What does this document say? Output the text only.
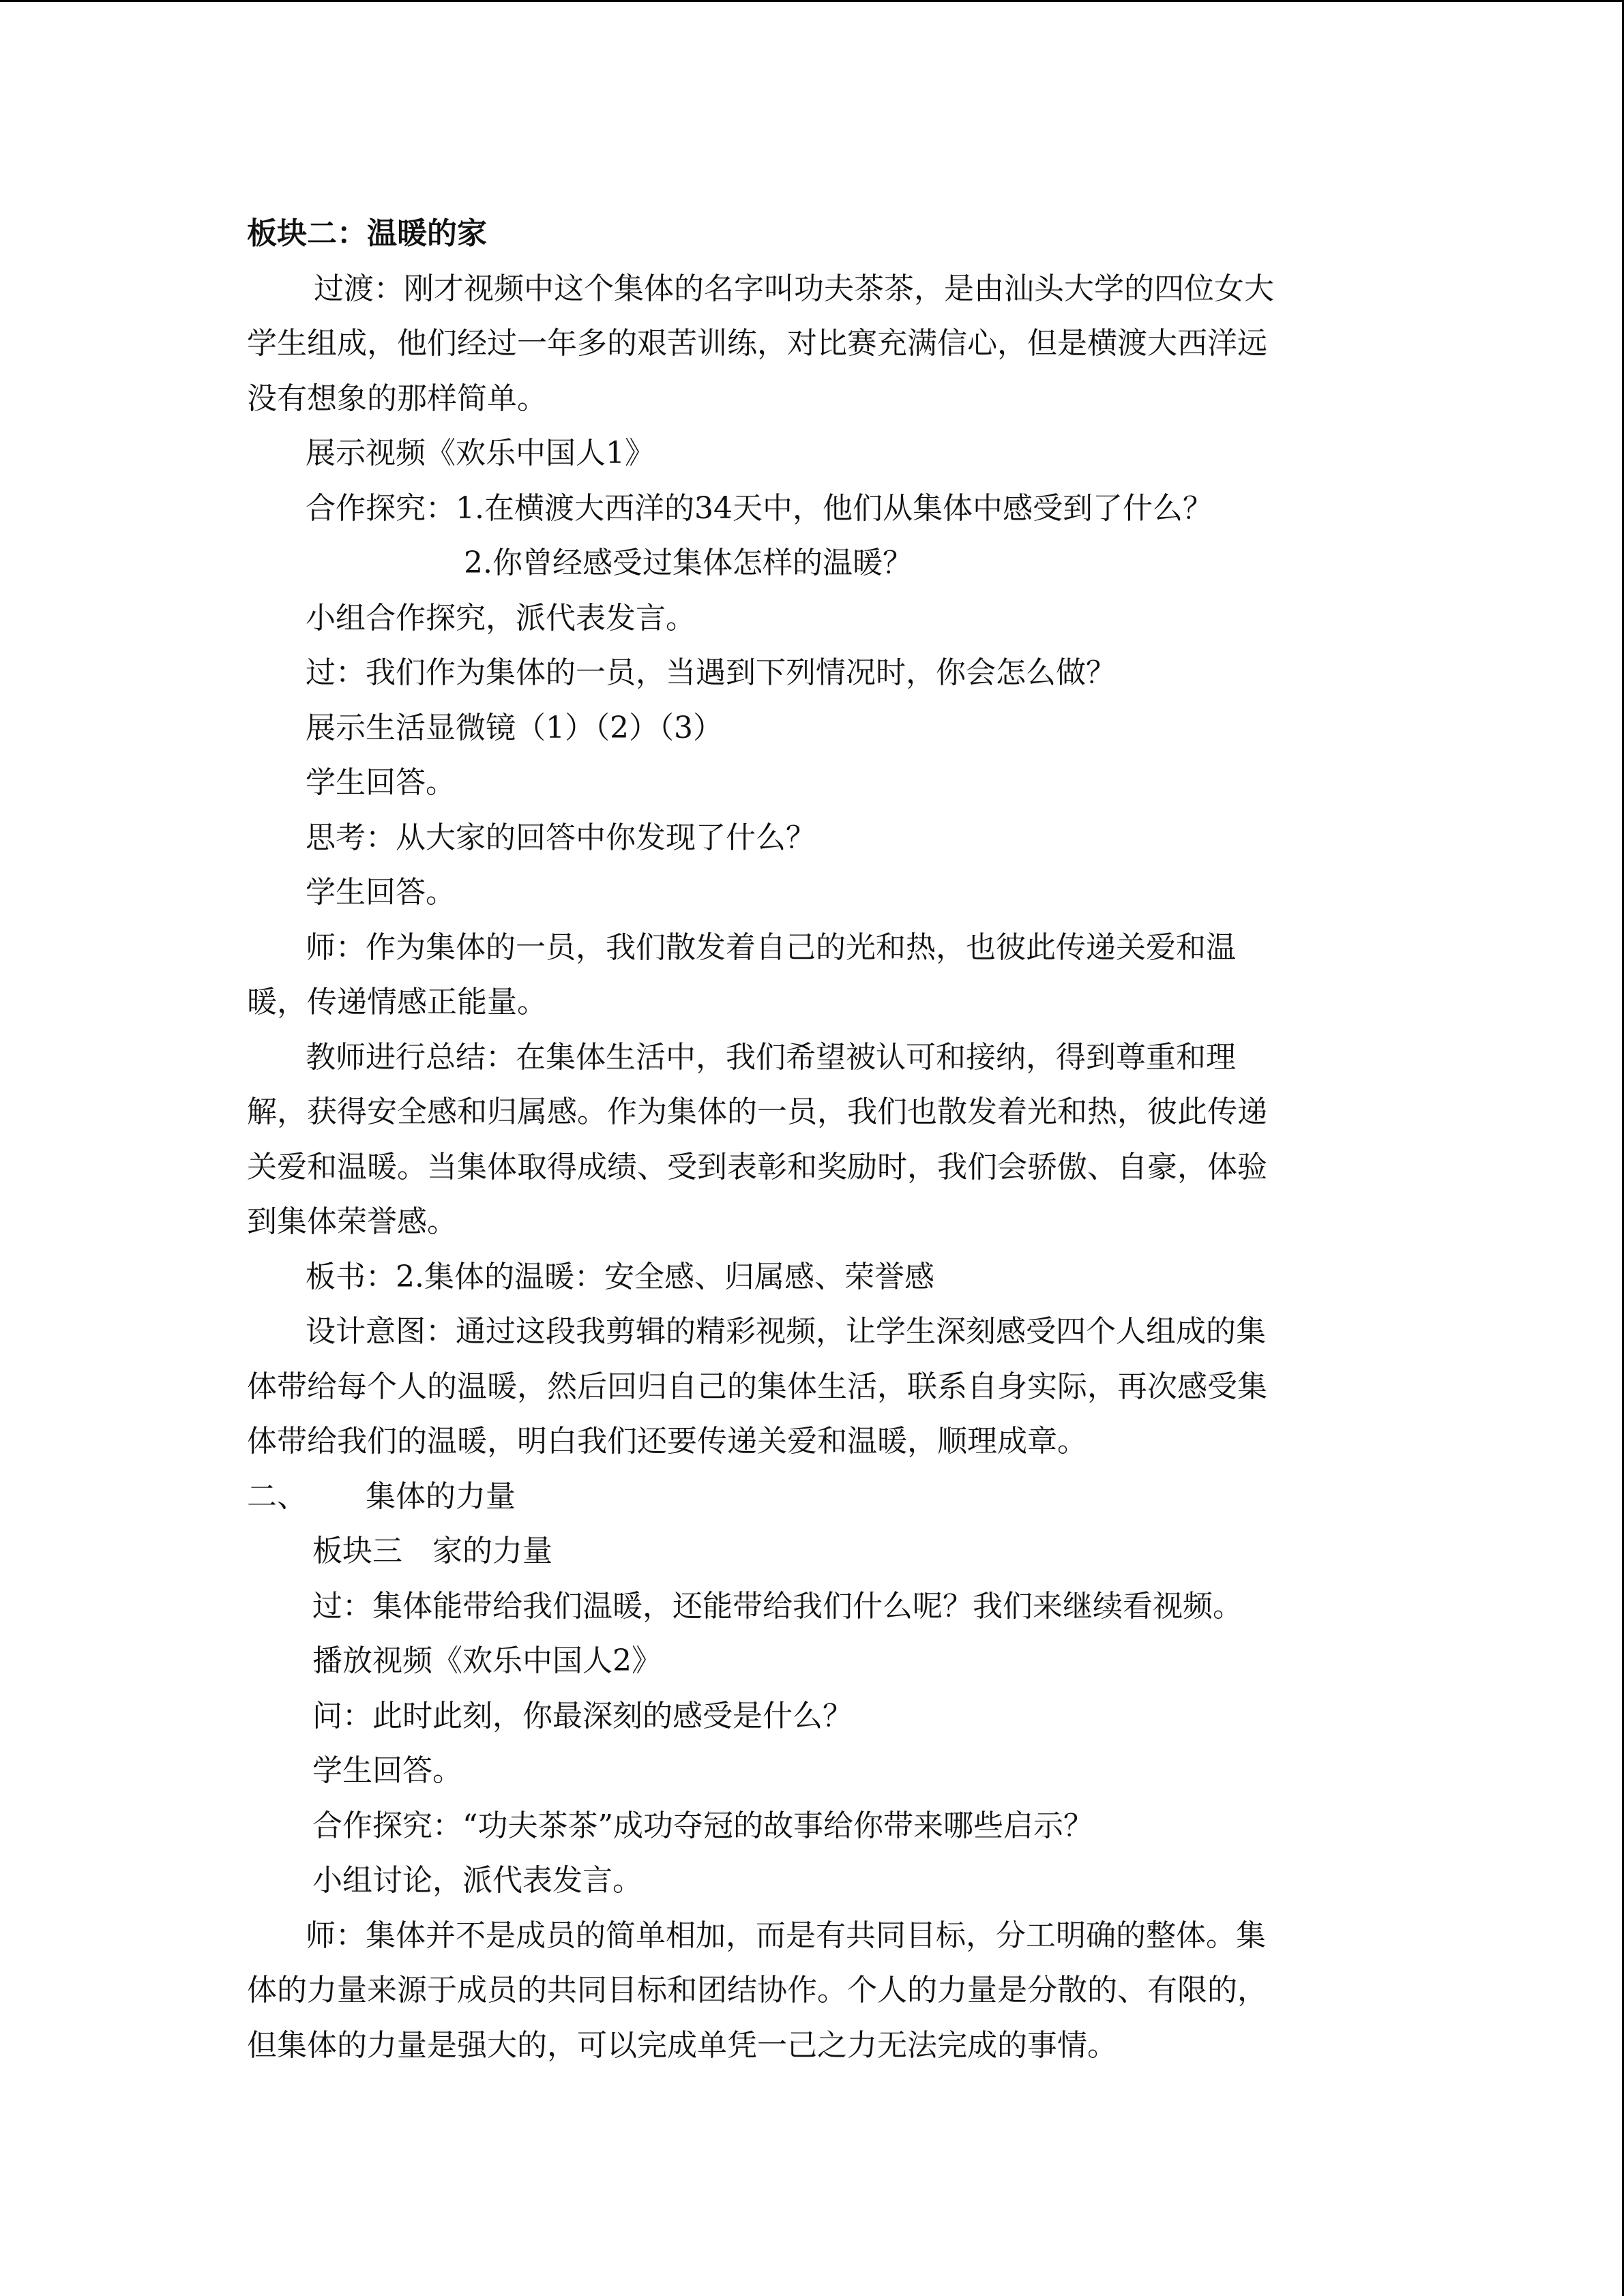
板块二：温暖的家
过渡：刚才视频中这个集体的名字叫功夫茶茶，是由汕头大学的四位女大
学生组成，他们经过一年多的艰苦训练，对比赛充满信心，但是横渡大西洋远
没有想象的那样简单。
展示视频《欢乐中国人1》
合作探究：1.在横渡大西洋的34天中，他们从集体中感受到了什么？
2.你曾经感受过集体怎样的温暖？
小组合作探究，派代表发言。
过：我们作为集体的一员，当遇到下列情况时，你会怎么做？
展示生活显微镜（1）（2）（3）
学生回答。
思考：从大家的回答中你发现了什么？
学生回答。
师：作为集体的一员，我们散发着自己的光和热，也彼此传递关爱和温
暖，传递情感正能量。
教师进行总结：在集体生活中，我们希望被认可和接纳，得到尊重和理
解，获得安全感和归属感。作为集体的一员，我们也散发着光和热，彼此传递
关爱和温暖。当集体取得成绩、受到表彰和奖励时，我们会骄傲、自豪，体验
到集体荣誉感。
板书：2.集体的温暖：安全感、归属感、荣誉感
设计意图：通过这段我剪辑的精彩视频，让学生深刻感受四个人组成的集
体带给每个人的温暖，然后回归自己的集体生活，联系自身实际，再次感受集
体带给我们的温暖，明白我们还要传递关爱和温暖，顺理成章。
二、 集体的力量
板块三 家的力量
过：集体能带给我们温暖，还能带给我们什么呢？我们来继续看视频。
播放视频《欢乐中国人2》
问：此时此刻，你最深刻的感受是什么？
学生回答。
合作探究：“功夫茶茶”成功夺冠的故事给你带来哪些启示？
小组讨论，派代表发言。
师：集体并不是成员的简单相加，而是有共同目标，分工明确的整体。集
体的力量来源于成员的共同目标和团结协作。个人的力量是分散的、有限的，
但集体的力量是强大的，可以完成单凭一己之力无法完成的事情。
